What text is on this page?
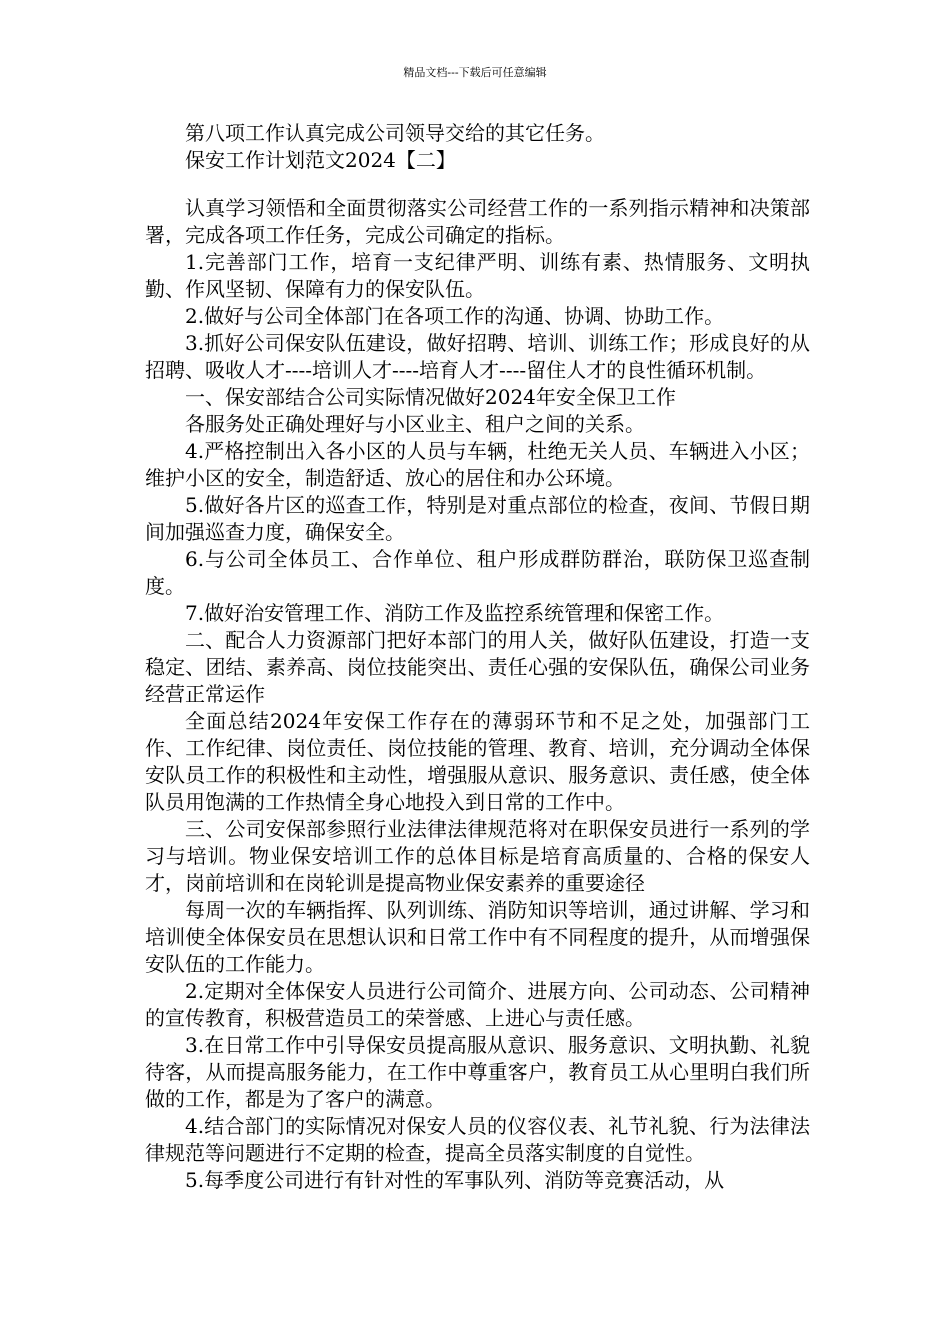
精品文档---下载后可任意编辑

第八项工作认真完成公司领导交给的其它任务。

保安工作计划范文2024【二】

认真学习领悟和全面贯彻落实公司经营工作的一系列指示精神和决策部署，完成各项工作任务，完成公司确定的指标。

1.完善部门工作，培育一支纪律严明、训练有素、热情服务、文明执勤、作风坚韧、保障有力的保安队伍。

2.做好与公司全体部门在各项工作的沟通、协调、协助工作。

3.抓好公司保安队伍建设，做好招聘、培训、训练工作；形成良好的从招聘、吸收人才----培训人才----培育人才----留住人才的良性循环机制。

一、保安部结合公司实际情况做好2024年安全保卫工作

各服务处正确处理好与小区业主、租户之间的关系。

4.严格控制出入各小区的人员与车辆，杜绝无关人员、车辆进入小区；维护小区的安全，制造舒适、放心的居住和办公环境。

5.做好各片区的巡查工作，特别是对重点部位的检查，夜间、节假日期间加强巡查力度，确保安全。

6.与公司全体员工、合作单位、租户形成群防群治，联防保卫巡查制度。

7.做好治安管理工作、消防工作及监控系统管理和保密工作。

二、配合人力资源部门把好本部门的用人关，做好队伍建设，打造一支稳定、团结、素养高、岗位技能突出、责任心强的安保队伍，确保公司业务经营正常运作

全面总结2024年安保工作存在的薄弱环节和不足之处，加强部门工作、工作纪律、岗位责任、岗位技能的管理、教育、培训，充分调动全体保安队员工作的积极性和主动性，增强服从意识、服务意识、责任感，使全体队员用饱满的工作热情全身心地投入到日常的工作中。

三、公司安保部参照行业法律法律规范将对在职保安员进行一系列的学习与培训。物业保安培训工作的总体目标是培育高质量的、合格的保安人才，岗前培训和在岗轮训是提高物业保安素养的重要途径

每周一次的车辆指挥、队列训练、消防知识等培训，通过讲解、学习和培训使全体保安员在思想认识和日常工作中有不同程度的提升，从而增强保安队伍的工作能力。

2.定期对全体保安人员进行公司简介、进展方向、公司动态、公司精神的宣传教育，积极营造员工的荣誉感、上进心与责任感。

3.在日常工作中引导保安员提高服从意识、服务意识、文明执勤、礼貌待客，从而提高服务能力，在工作中尊重客户，教育员工从心里明白我们所做的工作，都是为了客户的满意。

4.结合部门的实际情况对保安人员的仪容仪表、礼节礼貌、行为法律法律规范等问题进行不定期的检查，提高全员落实制度的自觉性。

5.每季度公司进行有针对性的军事队列、消防等竞赛活动，从
